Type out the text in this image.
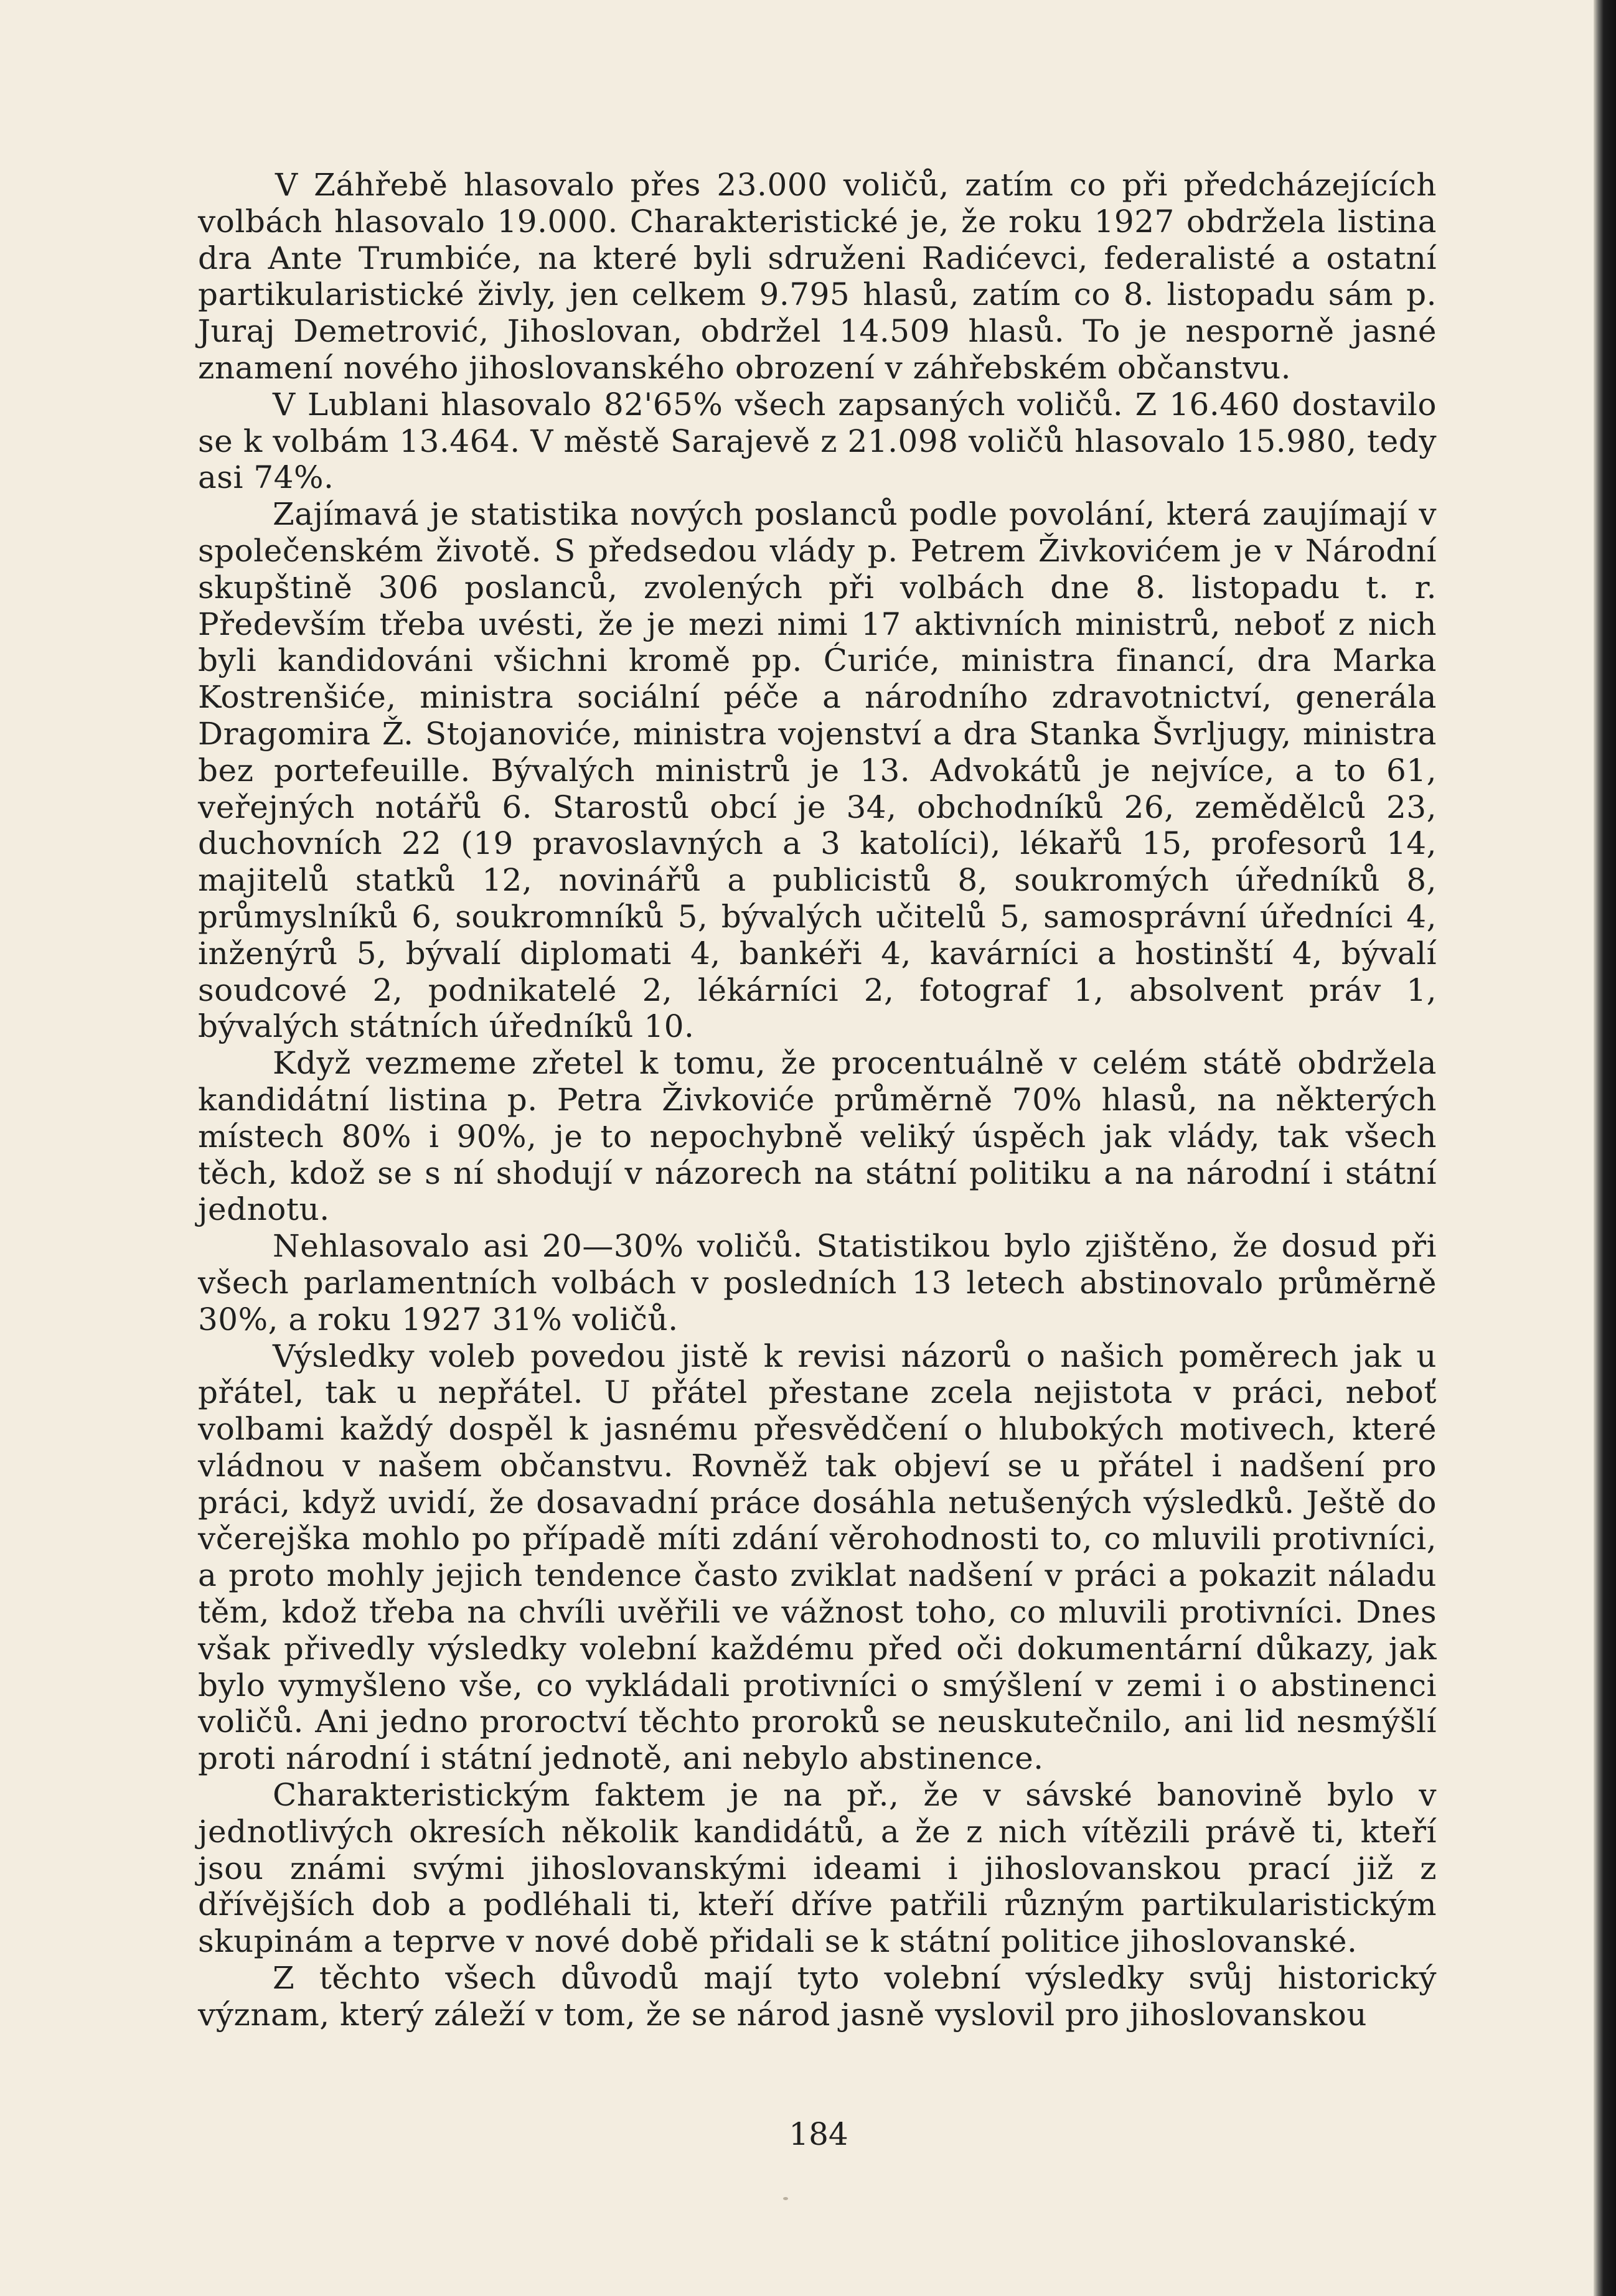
V Záhřebě hlasovalo přes 23.000 voličů, zatím co při předcházejících volbách hlasovalo 19.000. Charakteristické je, že roku 1927 obdržela listina dra Ante Trumbiće, na které byli sdruženi Radićevci, federalisté a ostatní partikularistické živly, jen celkem 9.795 hlasů, zatím co 8. listopadu sám p. Juraj Demetrović, Jihoslovan, obdržel 14.509 hlasů. To je nesporně jasné znamení nového jihoslovanského obrození v záhřebském občanstvu.

V Lublani hlasovalo 82'65% všech zapsaných voličů. Z 16.460 dostavilo se k volbám 13.464. V městě Sarajevě z 21.098 voličů hlasovalo 15.980, tedy asi 74%.

Zajímavá je statistika nových poslanců podle povolání, která zaujímají v společenském životě. S předsedou vlády p. Petrem Živkovićem je v Národní skupštině 306 poslanců, zvolených při volbách dne 8. listopadu t. r. Především třeba uvésti, že je mezi nimi 17 aktivních ministrů, neboť z nich byli kandidováni všichni kromě pp. Ćuriće, ministra financí, dra Marka Kostrenšiće, ministra sociální péče a národního zdravotnictví, generála Dragomira Ž. Stojanoviće, ministra vojenství a dra Stanka Švrljugy, ministra bez portefeuille. Bývalých ministrů je 13. Advokátů je nejvíce, a to 61, veřejných notářů 6. Starostů obcí je 34, obchodníků 26, zemědělců 23, duchovních 22 (19 pravoslavných a 3 katolíci), lékařů 15, profesorů 14, majitelů statků 12, novinářů a publicistů 8, soukromých úředníků 8, průmyslníků 6, soukromníků 5, bývalých učitelů 5, samosprávní úředníci 4, inženýrů 5, bývalí diplomati 4, bankéři 4, kavárníci a hostinští 4, bývalí soudcové 2, podnikatelé 2, lékárníci 2, fotograf 1, absolvent práv 1, bývalých státních úředníků 10.

Když vezmeme zřetel k tomu, že procentuálně v celém státě obdržela kandidátní listina p. Petra Živkoviće průměrně 70% hlasů, na některých místech 80% i 90%, je to nepochybně veliký úspěch jak vlády, tak všech těch, kdož se s ní shodují v názorech na státní politiku a na národní i státní jednotu.

Nehlasovalo asi 20—30% voličů. Statistikou bylo zjištěno, že dosud při všech parlamentních volbách v posledních 13 letech abstinovalo průměrně 30%, a roku 1927 31% voličů.

Výsledky voleb povedou jistě k revisi názorů o našich poměrech jak u přátel, tak u nepřátel. U přátel přestane zcela nejistota v práci, neboť volbami každý dospěl k jasnému přesvědčení o hlubokých motivech, které vládnou v našem občanstvu. Rovněž tak objeví se u přátel i nadšení pro práci, když uvidí, že dosavadní práce dosáhla netušených výsledků. Ještě do včerejška mohlo po případě míti zdání věrohodnosti to, co mluvili protivníci, a proto mohly jejich tendence často zviklat nadšení v práci a pokazit náladu těm, kdož třeba na chvíli uvěřili ve vážnost toho, co mluvili protivníci. Dnes však přivedly výsledky volební každému před oči dokumentární důkazy, jak bylo vymyšleno vše, co vykládali protivníci o smýšlení v zemi i o abstinenci voličů. Ani jedno proroctví těchto proroků se neuskutečnilo, ani lid nesmýšlí proti národní i státní jednotě, ani nebylo abstinence.

Charakteristickým faktem je na př., že v sávské banovině bylo v jednotlivých okresích několik kandidátů, a že z nich vítězili právě ti, kteří jsou známi svými jihoslovanskými ideami i jihoslovanskou prací již z dřívějších dob a podléhali ti, kteří dříve patřili různým partikularistickým skupinám a teprve v nové době přidali se k státní politice jihoslovanské.

Z těchto všech důvodů mají tyto volební výsledky svůj historický význam, který záleží v tom, že se národ jasně vyslovil pro jihoslovanskou

184
